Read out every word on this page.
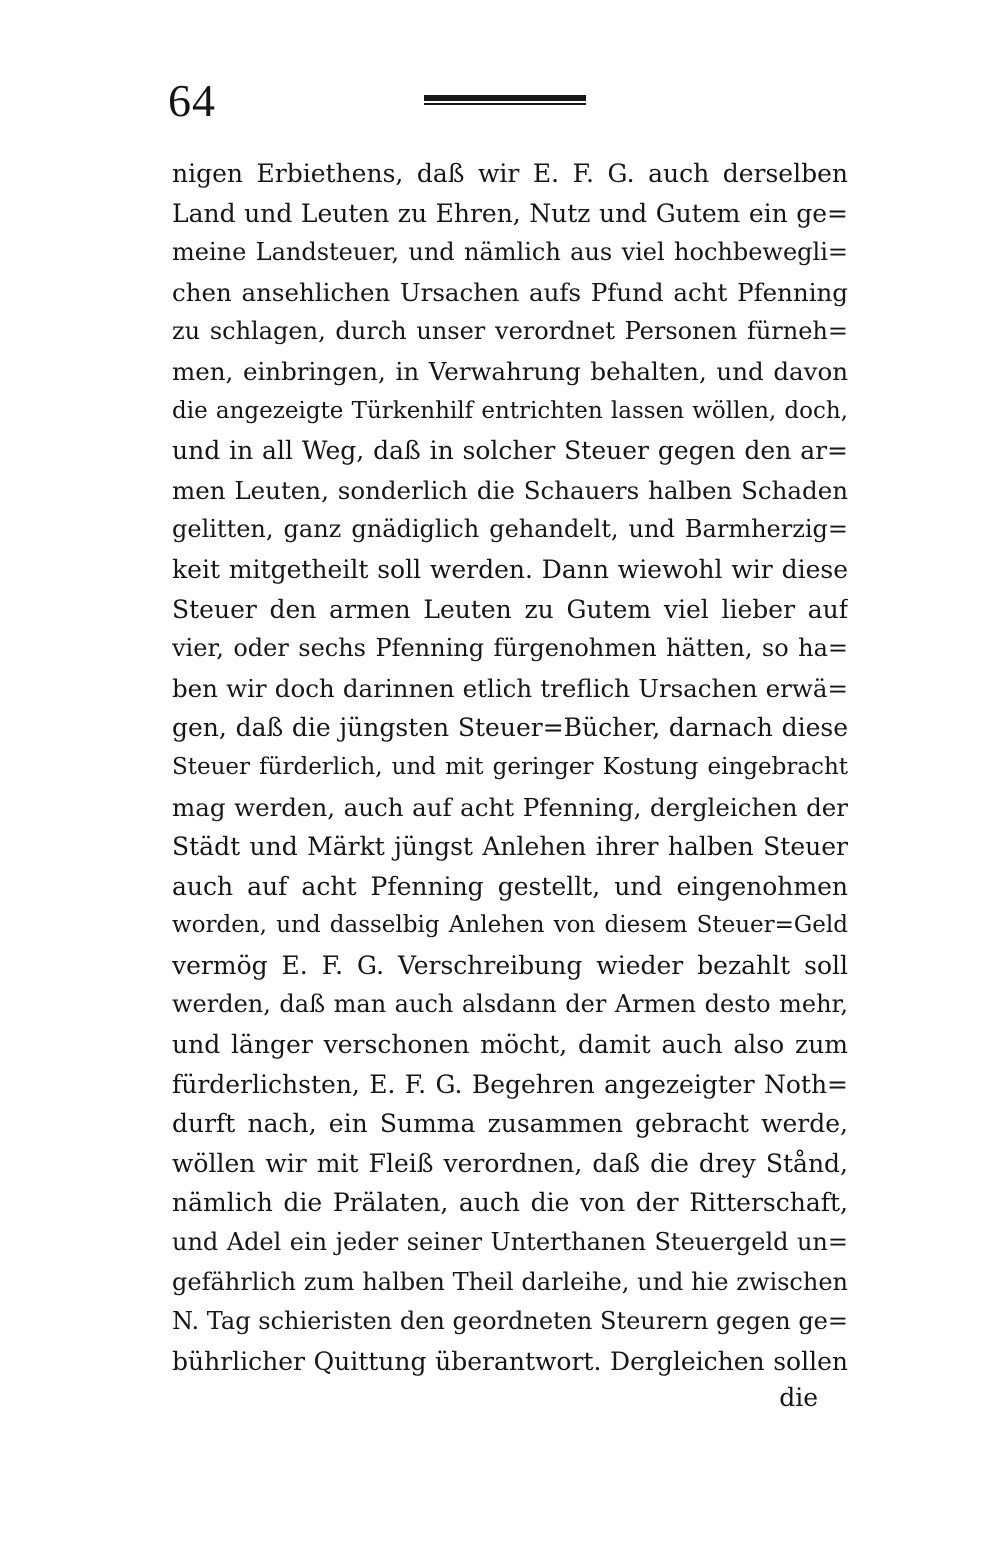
64
nigen Erbiethens, daß wir E. F. G. auch derselben
Land und Leuten zu Ehren, Nutz und Gutem ein ge=
meine Landsteuer, und nämlich aus viel hochbewegli=
chen ansehlichen Ursachen aufs Pfund acht Pfenning
zu schlagen, durch unser verordnet Personen fürneh=
men, einbringen, in Verwahrung behalten, und davon
die angezeigte Türkenhilf entrichten lassen wöllen, doch,
und in all Weg, daß in solcher Steuer gegen den ar=
men Leuten, sonderlich die Schauers halben Schaden
gelitten, ganz gnädiglich gehandelt, und Barmherzig=
keit mitgetheilt soll werden. Dann wiewohl wir diese
Steuer den armen Leuten zu Gutem viel lieber auf
vier, oder sechs Pfenning fürgenohmen hätten, so ha=
ben wir doch darinnen etlich treflich Ursachen erwä=
gen, daß die jüngsten Steuer=Bücher, darnach diese
Steuer fürderlich, und mit geringer Kostung eingebracht
mag werden, auch auf acht Pfenning, dergleichen der
Städt und Märkt jüngst Anlehen ihrer halben Steuer
auch auf acht Pfenning gestellt, und eingenohmen
worden, und dasselbig Anlehen von diesem Steuer=Geld
vermög E. F. G. Verschreibung wieder bezahlt soll
werden, daß man auch alsdann der Armen desto mehr,
und länger verschonen möcht, damit auch also zum
fürderlichsten, E. F. G. Begehren angezeigter Noth=
durft nach, ein Summa zusammen gebracht werde,
wöllen wir mit Fleiß verordnen, daß die drey Stånd,
nämlich die Prälaten, auch die von der Ritterschaft,
und Adel ein jeder seiner Unterthanen Steuergeld un=
gefährlich zum halben Theil darleihe, und hie zwischen
N. Tag schieristen den geordneten Steurern gegen ge=
bührlicher Quittung überantwort. Dergleichen sollen
die
